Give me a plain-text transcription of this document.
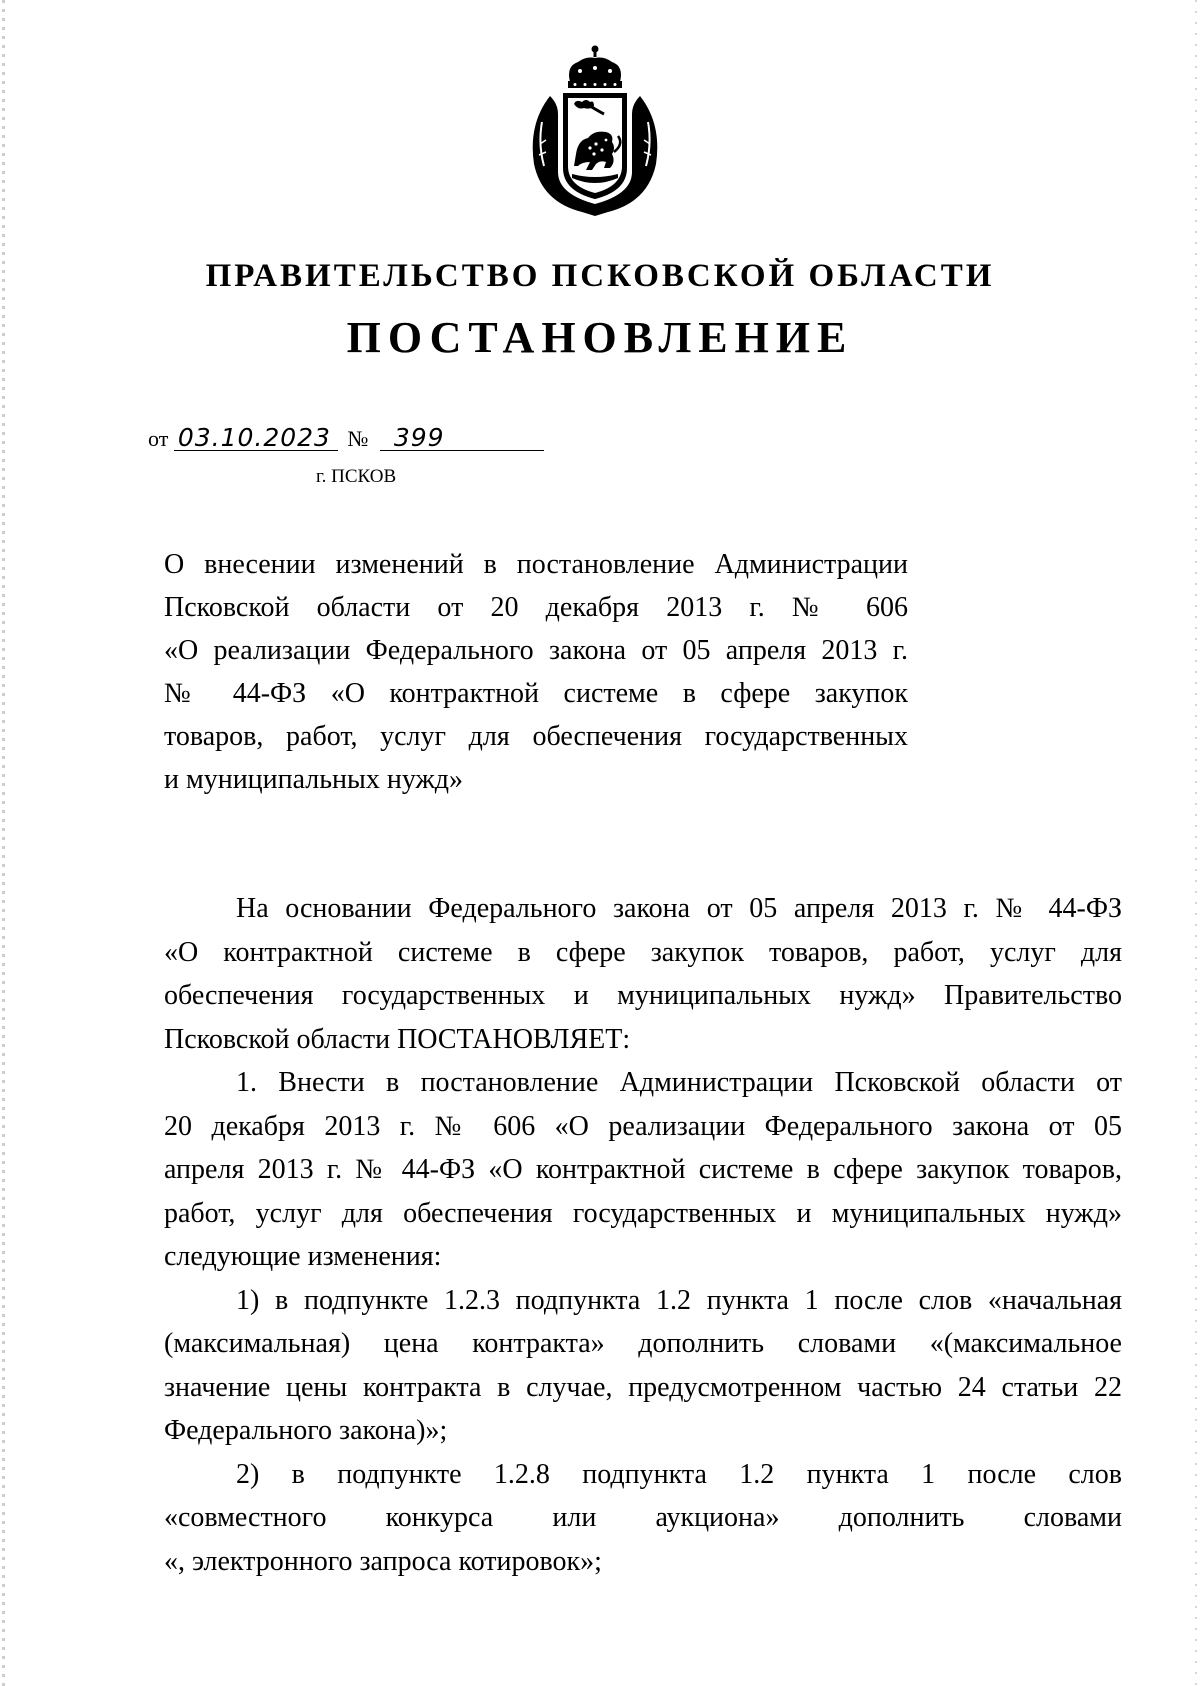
ПРАВИТЕЛЬСТВО ПСКОВСКОЙ ОБЛАСТИ
ПОСТАНОВЛЕНИЕ
от 03.10.2023 № 399
г. ПСКОВ
О внесении изменений в постановление Администрации
Псковской области от 20 декабря 2013 г. № 606
«О реализации Федерального закона от 05 апреля 2013 г.
№ 44-ФЗ «О контрактной системе в сфере закупок
товаров, работ, услуг для обеспечения государственных
и муниципальных нужд»
На основании Федерального закона от 05 апреля 2013 г. № 44-ФЗ
«О контрактной системе в сфере закупок товаров, работ, услуг для
обеспечения государственных и муниципальных нужд» Правительство
Псковской области ПОСТАНОВЛЯЕТ:
1. Внести в постановление Администрации Псковской области от
20 декабря 2013 г. № 606 «О реализации Федерального закона от 05
апреля 2013 г. № 44-ФЗ «О контрактной системе в сфере закупок товаров,
работ, услуг для обеспечения государственных и муниципальных нужд»
следующие изменения:
1) в подпункте 1.2.3 подпункта 1.2 пункта 1 после слов «начальная
(максимальная) цена контракта» дополнить словами «(максимальное
значение цены контракта в случае, предусмотренном частью 24 статьи 22
Федерального закона)»;
2) в подпункте 1.2.8 подпункта 1.2 пункта 1 после слов
«совместного конкурса или аукциона» дополнить словами
«, электронного запроса котировок»;
